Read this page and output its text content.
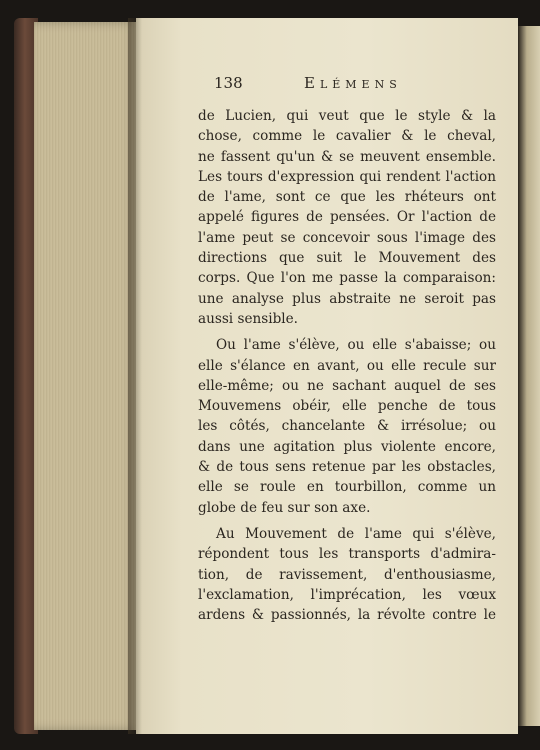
138	Elémens
de Lucien, qui veut que le style & la
chose, comme le cavalier & le cheval,
ne fassent qu'un & se meuvent ensemble.
Les tours d'expression qui rendent l'action
de l'ame, sont ce que les rhéteurs ont
appelé figures de pensées. Or l'action de
l'ame peut se concevoir sous l'image des
directions que suit le Mouvement des
corps. Que l'on me passe la comparaison:
une analyse plus abstraite ne seroit pas
aussi sensible.
Ou l'ame s'élève, ou elle s'abaisse; ou
elle s'élance en avant, ou elle recule sur
elle-même; ou ne sachant auquel de ses
Mouvemens obéir, elle penche de tous
les côtés, chancelante & irrésolue; ou
dans une agitation plus violente encore,
& de tous sens retenue par les obstacles,
elle se roule en tourbillon, comme un
globe de feu sur son axe.
Au Mouvement de l'ame qui s'élève,
répondent tous les transports d'admira-
tion, de ravissement, d'enthousiasme,
l'exclamation, l'imprécation, les vœux
ardens & passionnés, la révolte contre le
